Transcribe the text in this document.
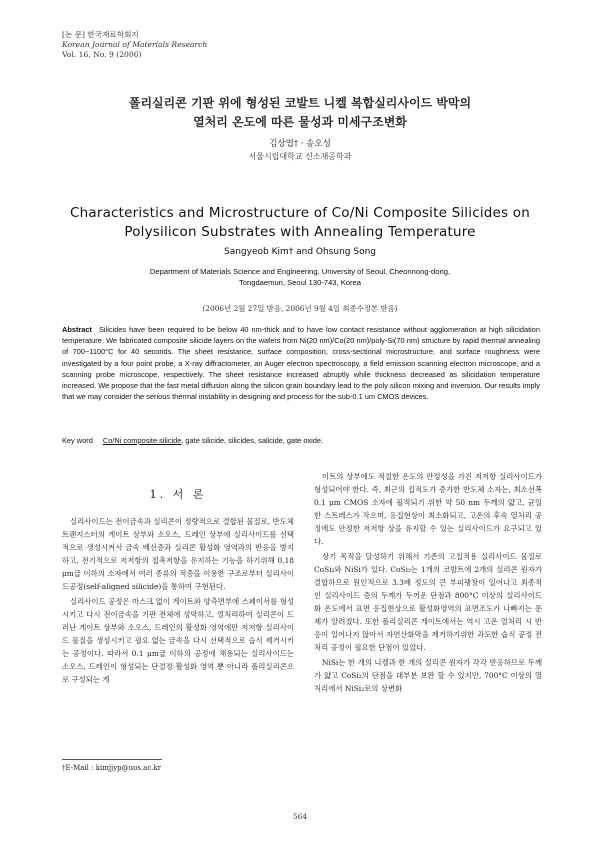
[논 문] 한국재료학회지
Korean Journal of Materials Research
Vol. 16, No. 9 (2006)
폴리실리콘 기판 위에 형성된 코발트 니켈 복합실리사이드 박막의
열처리 온도에 따른 물성과 미세구조변화
김상엽† · 송오성
서울시립대학교 신소재공학과
Characteristics and Microstructure of Co/Ni Composite Silicides on
Polysilicon Substrates with Annealing Temperature
Sangyeob Kim† and Ohsung Song
Department of Materials Science and Engineering, University of Seoul, Cheonnong-dong,
Tongdaemun, Seoul 130-743, Korea
(2006년 2월 27일 받음, 2006년 9월 4일 최종수정본 받음)
Abstract Silicides have been required to be below 40 nm-thick and to have low contact resistance without agglomeration at high silicidation temperature. We fabricated composite silicide layers on the wafers from Ni(20 nm)/Co(20 nm)/poly-Si(70 nm) structure by rapid thermal annealing of 700~1100°C for 40 seconds. The sheet resistance, surface composition, cross-sectional microstructure, and surface roughness were investigated by a four point probe, a X-ray diffractometer, an Auger electron spectroscopy, a field emission scanning electron microscope, and a scanning probe microscope, respectively. The sheet resistance increased abruptly while thickness decreased as silicidation temperature increased. We propose that the fast metal diffusion along the silicon grain boundary lead to the poly silicon mixing and inversion. Our results imply that we may consider the serious thermal instability in designing and process for the sub-0.1 um CMOS devices.
Key word Co/Ni composite silicide, gate silicide, silicides, salicide, gate oxide.
1. 서 론

실리사이드는 전이금속과 실리콘이 정량적으로 결합된 물질로, 반도체 트랜지스터의 게이트 상부와 소오스, 드레인 상부에 실리사이드를 선택적으로 생성시켜서 금속 배선층과 실리콘 활성화 영역과의 반응을 방지하고, 전기적으로 저저항의 접촉저항을 유지하는 기능을 하기위해 0.18 μm급 이하의 소자에서 여러 종류의 적층을 이용한 구조로부터 실리사이드공정(self-aligned silicide)을 통하여 구현된다.

실리사이드 공정은 마스크 없이 게이트와 양측면부에 스페이서를 형성시키고 다시 전이금속을 기판 전체에 성막하고, 열처리하여 실리콘이 드러난 게이트 상부와 소오스, 드레인의 활성화 영역에만 저저항 실리사이드 물질을 생성시키고 필요 없는 금속을 다시 선택적으로 습식 제거시키는 공정이다. 따라서 0.1 μm급 이하의 공정에 채용되는 실리사이드는 소오스, 드레인이 형성되는 단결정 활성화 영역 뿐 아니라 폴리실리콘으로 구성되는 게

이트의 상부에도 적절한 온도의 안정성을 가진 저저항 실리사이드가 형성되어야 한다. 즉, 최근의 집적도가 증가한 반도체 소자는, 최소선폭 0.1 μm CMOS 소자에 필적되기 위한 약 50 nm 두께의 얇고, 균일 한 스트레스가 작으며, 응집현상이 최소화되고, 고온의 후속 열처리 공정에도 안정한 저저항 상을 유지할 수 있는 실리사이드가 요구되고 있다.

상기 목적을 달성하기 위해서 기존의 고집적용 실리사이드 물질로 CoSi₂와 NiSi가 있다. CoSi₂는 1개의 코발트에 2개의 실리콘 원자가 결합하므로 원인적으로 3.3배 정도의 큰 부피팽창이 일어나고 최종적인 실리사이드 층의 두께가 두꺼운 단점과 800°C 이상의 실리사이드 화 온도에서 표면 응집현상으로 활성화영역의 표면조도가 나빠지는 문제가 알려졌다. 또한 폴리실리콘 게이트에서는 역시 고온 열처리 시 반응이 일어나지 않아서 자연산화막을 제거하기위한 과도한 습식 공정 전처리 공정이 필요한 단점이 있었다.

NiSi는 한 개의 니켈과 한 개의 실리콘 원자가 각각 반응하므로 두께가 얇고 CoSi₂의 단점을 대부분 보완 할 수 있지만, 700°C 이상의 열처리에서 NiSi₂로의 상변화

†E-Mail : kimjjyp@uos.ac.kr
564
